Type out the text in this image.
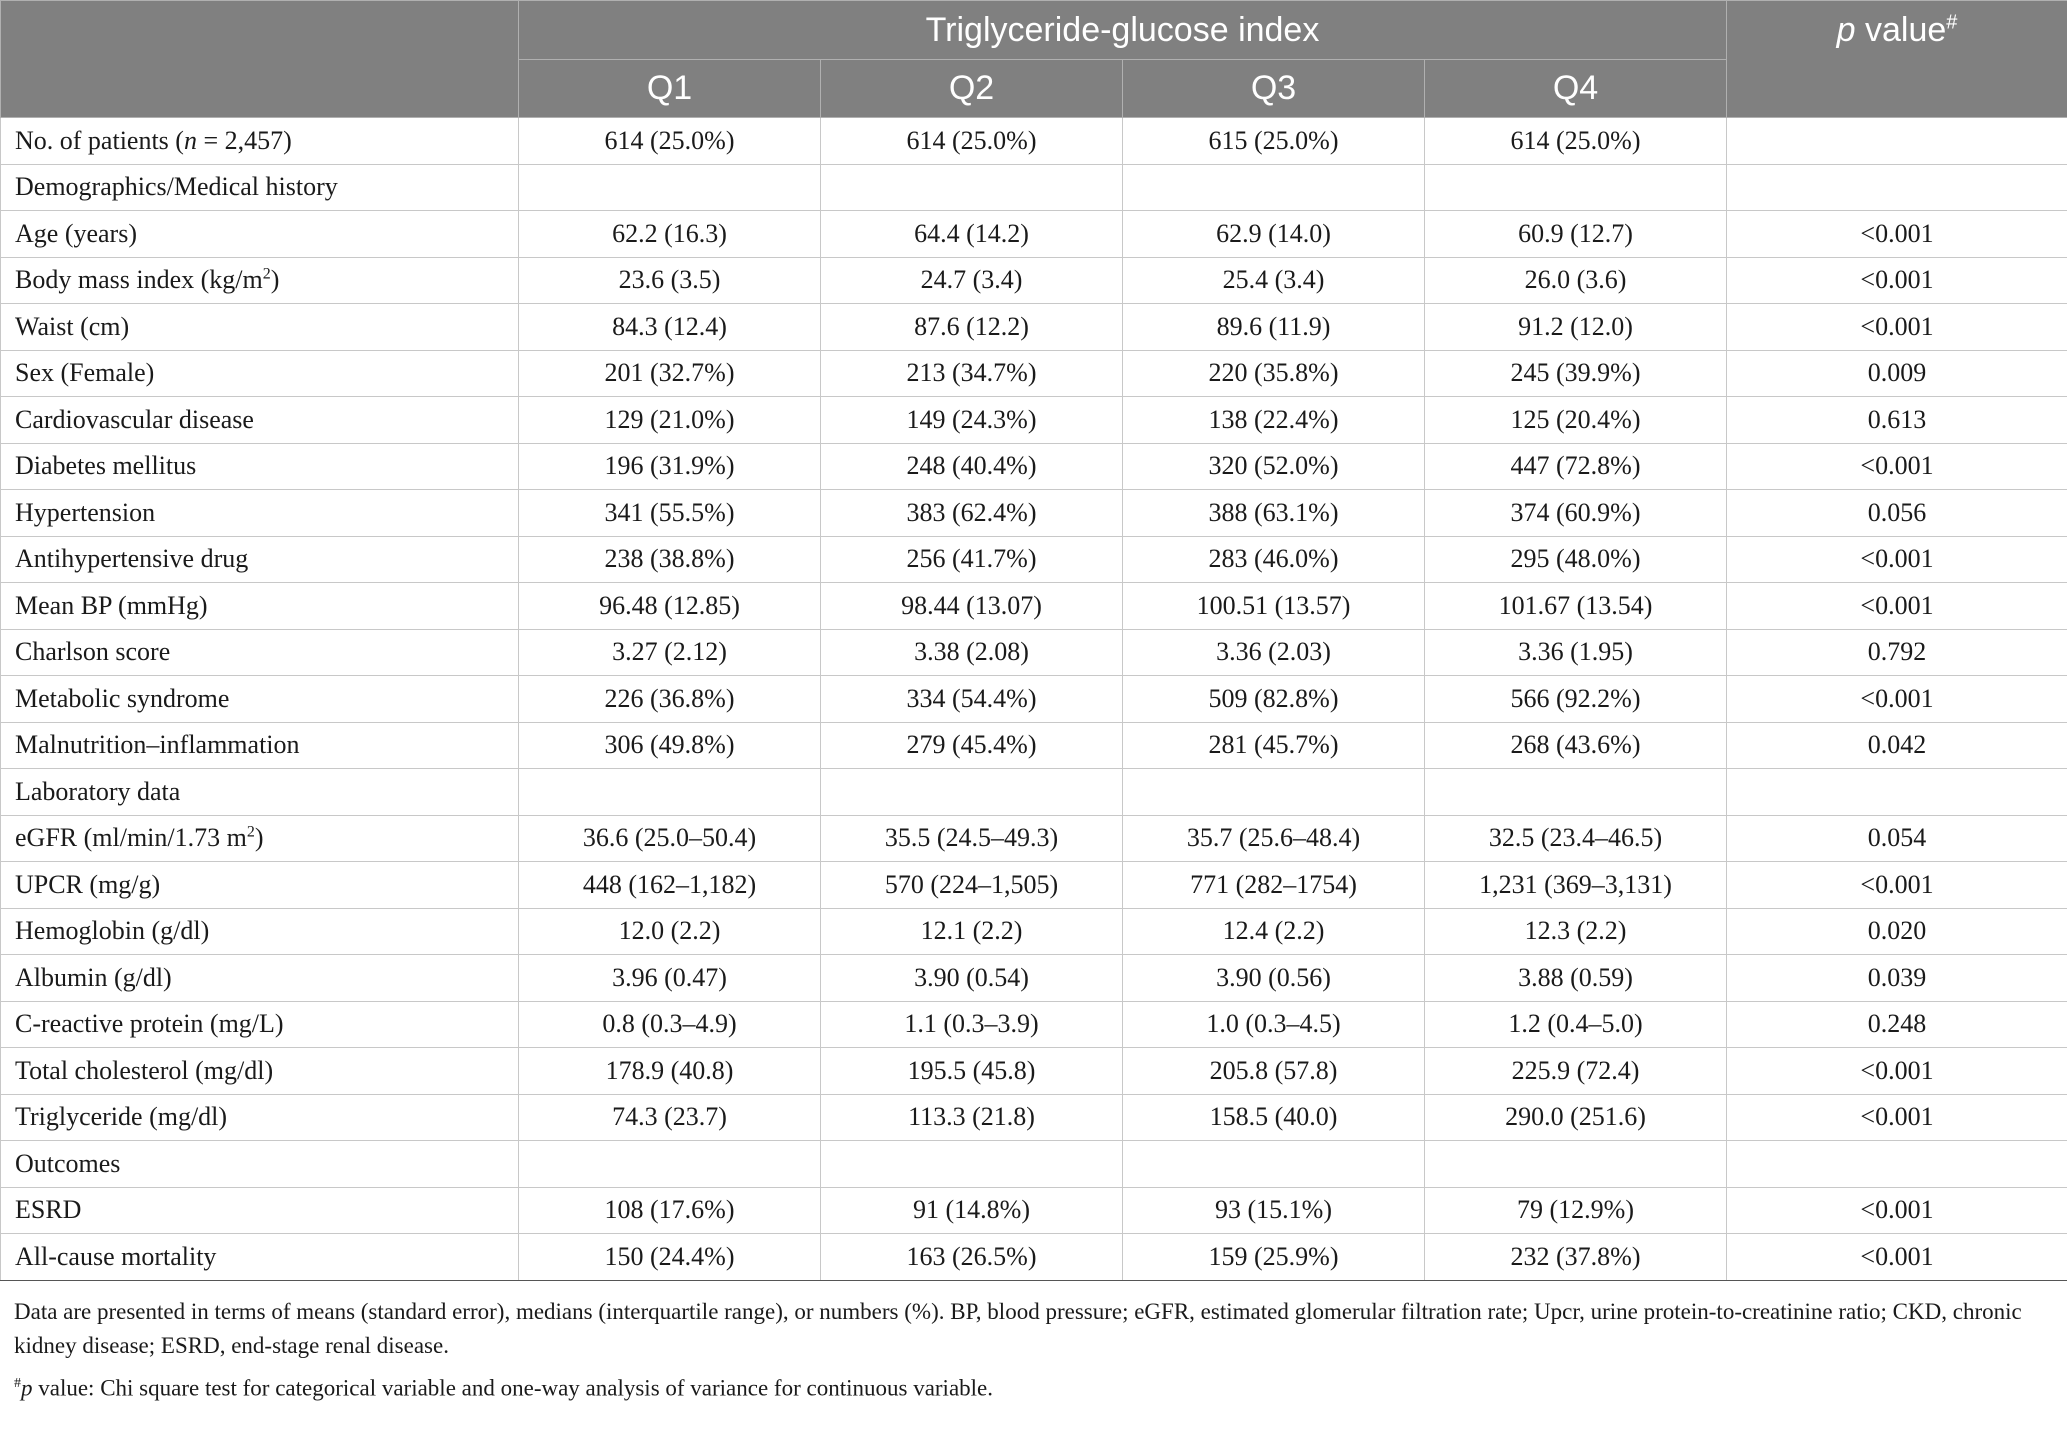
	Triglyceride-glucose index				p value#
	Q1	Q2	Q3	Q4	
No. of patients (n = 2,457)	614 (25.0%)	614 (25.0%)	615 (25.0%)	614 (25.0%)	
Demographics/Medical history					
Age (years)	62.2 (16.3)	64.4 (14.2)	62.9 (14.0)	60.9 (12.7)	<0.001
Body mass index $(kg/m^2)$	23.6 (3.5)	24.7 (3.4)	25.4 (3.4)	26.0 (3.6)	<0.001
Waist (cm)	84.3 (12.4)	87.6 (12.2)	89.6 (11.9)	91.2 (12.0)	<0.001
Sex (Female)	201 (32.7%)	213 (34.7%)	220 (35.8%)	245 (39.9%)	0.009
Cardiovascular disease	129 (21.0%)	149 (24.3%)	138 (22.4%)	125 (20.4%)	0.613
Diabetes mellitus	196 (31.9%)	248 (40.4%)	320 (52.0%)	447 (72.8%)	<0.001
Hypertension	341 (55.5%)	383 (62.4%)	388 (63.1%)	374 (60.9%)	0.056
Antihypertensive drug	238 (38.8%)	256 (41.7%)	283 (46.0%)	295 (48.0%)	<0.001
Mean BP (mmHg)	96.48 (12.85)	98.44 (13.07)	100.51 (13.57)	101.67 (13.54)	<0.001
Charlson score	3.27 (2.12)	3.38 (2.08)	3.36 (2.03)	3.36 (1.95)	0.792
Metabolic syndrome	226 (36.8%)	334 (54.4%)	509 (82.8%)	566 (92.2%)	<0.001
Malnutrition–inflammation	306 (49.8%)	279 (45.4%)	281 (45.7%)	268 (43.6%)	0.042
Laboratory data					
eGFR (ml/min/1.73 $m^2$)	36.6 (25.0–50.4)	35.5 (24.5–49.3)	35.7 (25.6–48.4)	32.5 (23.4–46.5)	0.054
UPCR (mg/g)	448 (162–1,182)	570 (224–1,505)	771 (282–1754)	1,231 (369–3,131)	<0.001
Hemoglobin (g/dl)	12.0 (2.2)	12.1 (2.2)	12.4 (2.2)	12.3 (2.2)	0.020
Albumin (g/dl)	3.96 (0.47)	3.90 (0.54)	3.90 (0.56)	3.88 (0.59)	0.039
C-reactive protein (mg/L)	0.8 (0.3–4.9)	1.1 (0.3–3.9)	1.0 (0.3–4.5)	1.2 (0.4–5.0)	0.248
Total cholesterol (mg/dl)	178.9 (40.8)	195.5 (45.8)	205.8 (57.8)	225.9 (72.4)	<0.001
Triglyceride (mg/dl)	74.3 (23.7)	113.3 (21.8)	158.5 (40.0)	290.0 (251.6)	<0.001
Outcomes					
ESRD	108 (17.6%)	91 (14.8%)	93 (15.1%)	79 (12.9%)	<0.001
All-cause mortality	150 (24.4%)	163 (26.5%)	159 (25.9%)	232 (37.8%)	<0.001

Data are presented in terms of means (standard error), medians (interquartile range), or numbers (%). BP, blood pressure; eGFR, estimated glomerular filtration rate; Upcr, urine protein-to-creatinine ratio; CKD, chronic kidney disease; ESRD, end-stage renal disease.

#p value: Chi square test for categorical variable and one-way analysis of variance for continuous variable.
